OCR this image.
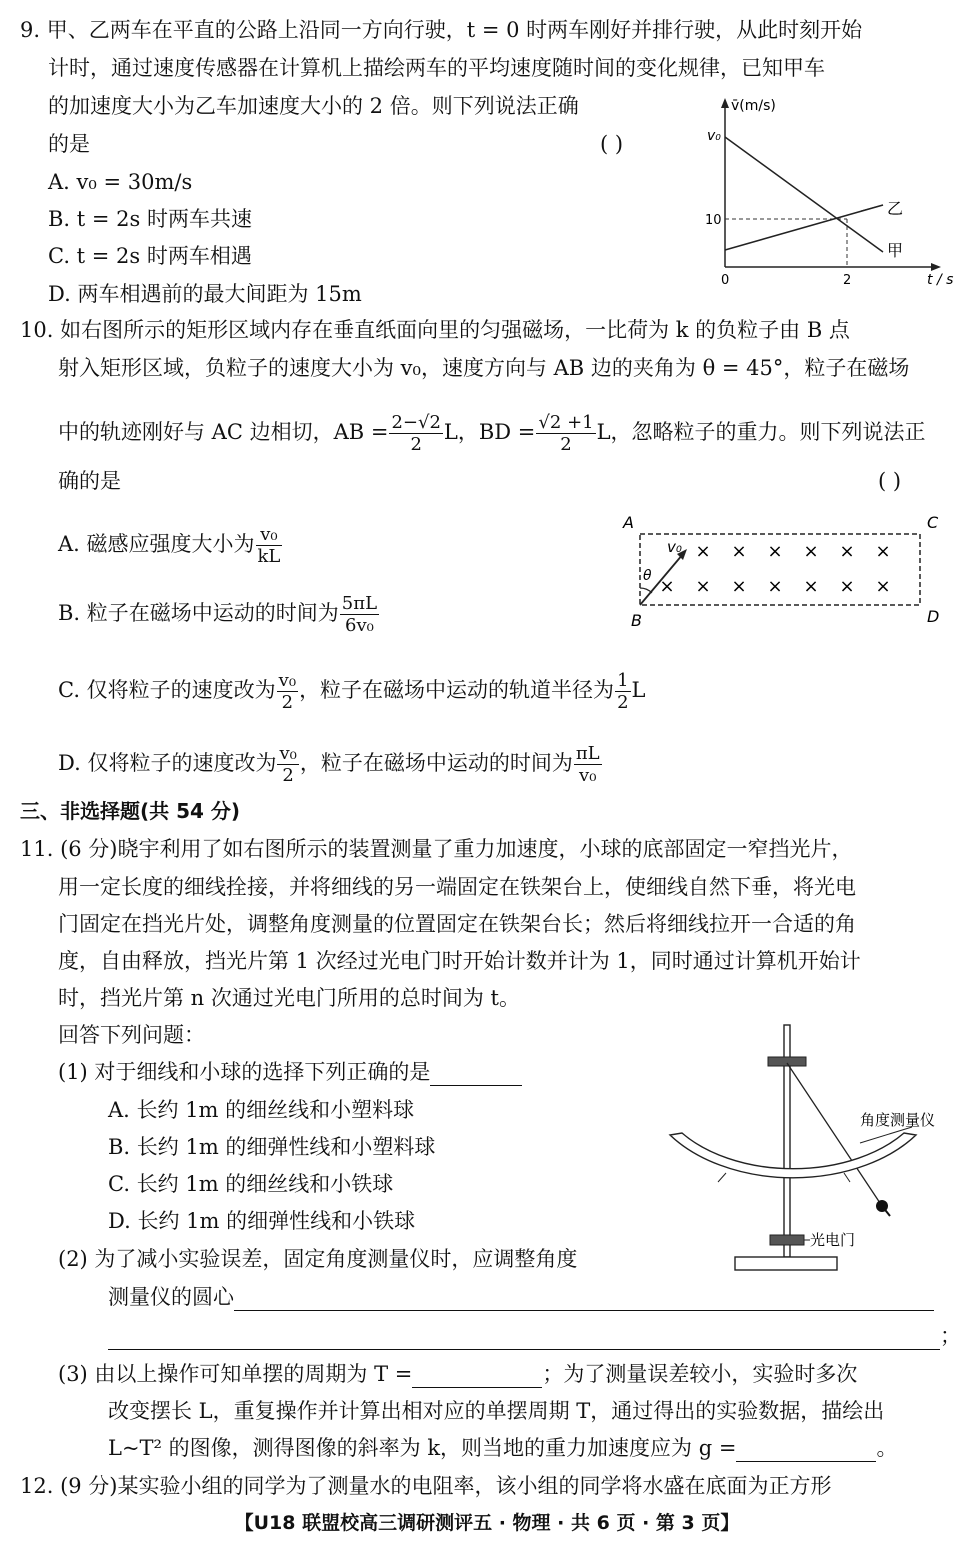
9. 甲、乙两车在平直的公路上沿同一方向行驶，t = 0 时两车刚好并排行驶，从此时刻开始
计时，通过速度传感器在计算机上描绘两车的平均速度随时间的变化规律，已知甲车
的加速度大小为乙车加速度大小的 2 倍。则下列说法正确
的是	( )
A. v₀ = 30m/s
B. t = 2s 时两车共速
C. t = 2s 时两车相遇
D. 两车相遇前的最大间距为 15m
v̄(m/s)
v₀
10
0	2	t / s
乙
甲
10. 如右图所示的矩形区域内存在垂直纸面向里的匀强磁场，一比荷为 k 的负粒子由 B 点
射入矩形区域，负粒子的速度大小为 v₀，速度方向与 AB 边的夹角为 θ = 45°，粒子在磁场
中的轨迹刚好与 AC 边相切，AB = $\frac{2-√2}{2}$ L，BD = $\frac{√2 +1}{2}$ L，忽略粒子的重力。则下列说法正
确的是	( )
A. 磁感应强度大小为 $\frac{\text{v₀}}{kL}$
B. 粒子在磁场中运动的时间为 $\frac{5\pi L}{\text{6v₀}}$
C. 仅将粒子的速度改为 $\frac{\text{v₀}}{2}$ ，粒子在磁场中运动的轨道半径为 $\frac{1}{2}$ L
D. 仅将粒子的速度改为 $\frac{\text{v₀}}{2}$ ，粒子在磁场中运动的时间为 $\frac{\pi L}{\text{v₀}}$
× × × × × ×
× × × × × × ×
A	C
B	D
v₀
θ
三、非选择题(共 54 分)
11. (6 分)晓宇利用了如右图所示的装置测量了重力加速度，小球的底部固定一窄挡光片，
用一定长度的细线拴接，并将细线的另一端固定在铁架台上，使细线自然下垂，将光电
门固定在挡光片处，调整角度测量的位置固定在铁架台长；然后将细线拉开一合适的角
度，自由释放，挡光片第 1 次经过光电门时开始计数并计为 1，同时通过计算机开始计
时，挡光片第 n 次通过光电门所用的总时间为 t。
回答下列问题：
(1) 对于细线和小球的选择下列正确的是
A. 长约 1m 的细丝线和小塑料球
B. 长约 1m 的细弹性线和小塑料球
C. 长约 1m 的细丝线和小铁球
D. 长约 1m 的细弹性线和小铁球
(2) 为了减小实验误差，固定角度测量仪时，应调整角度
测量仪的圆心
；
(3) 由以上操作可知单摆的周期为 T =	；为了测量误差较小，实验时多次
改变摆长 L，重复操作并计算出相对应的单摆周期 T，通过得出的实验数据，描绘出
L~T² 的图像，测得图像的斜率为 k，则当地的重力加速度应为 g =	。
角度测量仪
光电门
12. (9 分)某实验小组的同学为了测量水的电阻率，该小组的同学将水盛在底面为正方形
【U18 联盟校高三调研测评五 · 物理 · 共 6 页 · 第 3 页】
